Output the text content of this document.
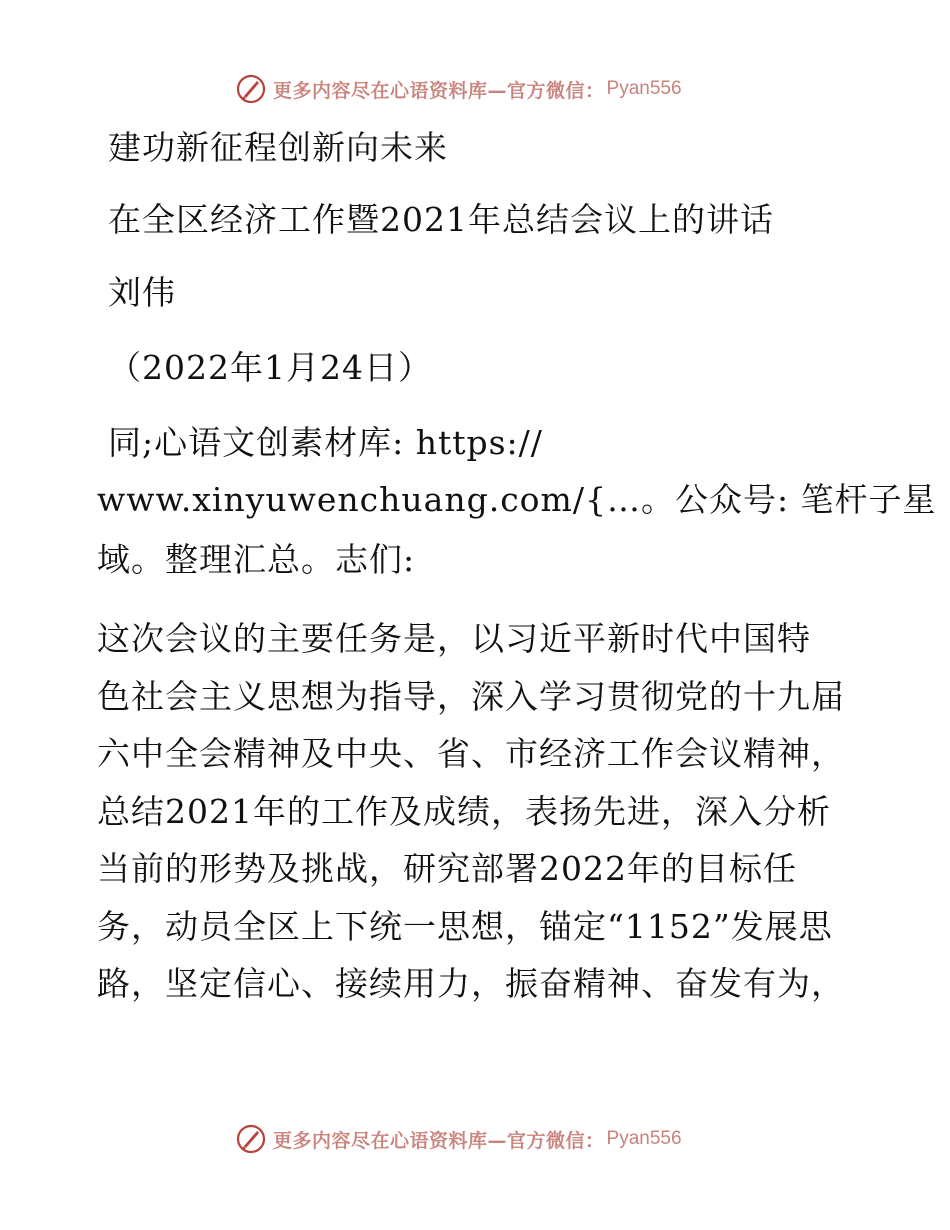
更多内容尽在心语资料库—官方微信： Pyan556
建功新征程创新向未来
在全区经济工作暨2021年总结会议上的讲话
刘伟
（2022年1月24日）
同;心语文创素材库: https://
www.xinyuwenchuang.com/{…。公众号: 笔杆子星
域。整理汇总。志们:
这次会议的主要任务是，以习近平新时代中国特
色社会主义思想为指导，深入学习贯彻党的十九届
六中全会精神及中央、省、市经济工作会议精神，
总结2021年的工作及成绩，表扬先进，深入分析
当前的形势及挑战，研究部署2022年的目标任
务，动员全区上下统一思想，锚定“1152”发展思
路，坚定信心、接续用力，振奋精神、奋发有为，
更多内容尽在心语资料库—官方微信： Pyan556
